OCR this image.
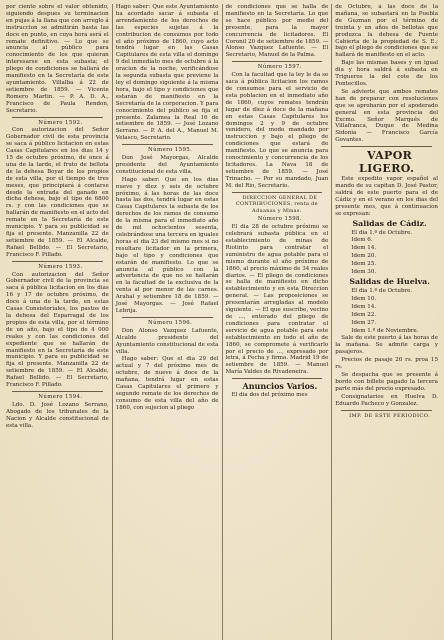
por ciento sobre el valor obtenido, siguiendo despues su terminacion en pujas á la llana que con arreglo á instruccion se admitirán hasta las doce en punto, en cuya hora será el remate definitivo. — Lo que se anuncia al público para conocimiento de los que quieran interesarse en esta subasta; el pliego de condiciones se hallará de manifiesto en la Secretaría de este ayuntamiento. Villalba á 22 de setiembre de 1859. — Vicente Romero Martin. — P. A. D. A., Francisco de Paula Rendon, Secretario.

Número 1592.

Con autorizacion del Señor Gobernador civil de esta provincia se saca á público licitacion en estas Casas Capitulares en los dias 14 y 15 de octubre próximo, de once á una de la tarde, el fruto de bellota de la dehesa Boyar de los propios de esta villa, por el tiempo de tres meses, que principiará á contarse desde la entrada del ganado en dicha dehesa, bajo el tipo de 6800 rs. y con las condiciones que se hallarán de manifiesto en el acto del remate en la Secretaría de este municipio. Y para su publicidad se fija el presente. Manzanilla 22 de setiembre de 1859. — El Alcalde, Rafael Bellido. — El Secretario, Francisco F. Pillado.

Número 1593.

Con autorizacion del Señor Gobernador civil de la provincia se saca á pública licitacion en los dias 16 y 17 de octubre próximo, de doce á una de la tarde, en estas Casas Consistoriales, los pastos de la dehesa del Esparragal de los propios de esta villa, por el término de un año, bajo el tipo de 4 000 reales y con las condiciones del expediente que se hallarán de manifiesto en la Secretaría de este municipio. Y para su publicidad se fija el presente. Manzanilla 22 de setiembre de 1859. — El Alcalde, Rafael Bellido. — El Secretario, Francisco F. Pillado.

Número 1594.

Ldo. D. José Lozano Serrano, Abogado de los tribunales de la Nacion y Alcalde constitucional de esta villa.

Hago saber: Que este Ayuntamiento ha acordado sacar á subasta el arrendamiento de los derechos de las especies sujetas á la contribucion de consumos por todo el año próximo de 1860, cuyo acto tendrá lugar en las Casas Capitulares de esta villa el domingo 9 del inmediato mes de octubre á la oracion de la noche, verificándose la segunda subasta que previene la ley el domingo siguiente á la misma hora, bajo el tipo y condiciones que estarán de manifiesto en la Secretaría de la corporacion. Y para conocimiento del público se fija el presente. Zalamea la Real 16 de setiembre de 1859. — José Lozano Serrano. — P. A. del A., Manuel M. Velasco, Secretario.

Número 1595.

Don José Mayorgas, Alcalde presidente del Ayuntamiento constitucional de esta villa.

Hago saber: Que en los dias nueve y diez y seis de octubre próximo, á las horas de las doce hasta las dos, tendrá lugar en estas Casas Capitulares la subasta de los derechos de los ramos de consumo de la misma para el inmediato año de mil ochocientos sesenta, celebrándose una tercera en iguales horas el dia 23 del mismo mes si no resultare licitador en la primera, bajo el tipo y condiciones que estarán de manifiesto. Lo que se anuncia al público con la advertencia de que no se hallarán en la facultad de la exclusiva de la venta al por menor de las carnes. Arahal y setiembre 18 de 1859. — José Mayorgas. — José Rafael Lebrija.

Número 1596.

Don Alonso Vazquez Lafuente, Alcalde presidente del Ayuntamiento constitucional de esta villa.

Hago saber: Que el dia 29 del actual y 7 del próximo mes de octubre, de nueve á doce de la mañana, tendrá lugar en estas Casas Capitulares el primero y segundo remate de los derechos de consumo de esta villa del año de 1860, con sujecion al pliego

de condiciones que se halla de manifiesto en la Secretaría. Lo que se hace público por medio del presente, para la mayor concurrencia de licitadores. El Coronil 20 de setiembre de 1859. — Alonso Vazquez Lafuente. — El Secretario, Manuel de la Palma.

Número 1597.

Con la facultad que la ley le da se saca á pública licitacion los ramos de consumos para el servicio de esta poblacion en el inmediato año de 1860, cuyos remates tendrán lugar de diez á doce de la mañana en estas Casas Capitulares los domingos 2 y 9 de octubre venidero, del modo mandado por instruccion y bajo el pliego de condiciones que estará de manifiesto. Lo que se anuncia para conocimiento y concurrencia de los licitadores. La Nava 18 de setiembre de 1859. — José Trinacho. — Por su mandado, Juan M. del Rio, Secretario.

DIRECCION GENERAL DE CONTRIBUCIONES, renta de Aduanas y Minas.

Número 1598.

El dia 28 de octubre próximo se celebrará subasta pública en el establecimiento de minas de Riotinto para contratar el suministro de agua potable para el mismo durante el año próximo de 1860, al precio máximo de 34 reales diarios. — El pliego de condiciones se halla de manifiesto en dicho establecimiento y en esta Direccion general. — Las proposiciones se presentarán arregladas al modelo siguiente. — El que suscribe, vecino de ..., enterado del pliego de condiciones para contratar el servicio de agua potable para este establecimiento en todo el año de 1860, se compromete á verificarlo por el precio de ..., expresado por letra, á Fecha y firma. Madrid 19 de setiembre de 1859. — Manuel María Valdes de Rivadeneira.

Anuncios Varios.

El dia dos del próximo mes

de Octubre, á las doce de la mañana, se subastará en la Puebla de Guzman por el término de treinta y un años de bellotas que produzca la dehesa de Fuente Cabierta de la propiedad de S. E.; bajo el pliego de condiciones que se hallará de manifiesto en el acto.

Bajo las mismas bases y en igual dia y hora saldrá á subasta en Trigueros la del cote de los Pontecillos.

Se advierte que ambos remates han de preparar con resoluciones que se aprobarán por el apoderado general en esta provincia del Excmo. Señor Marqués de Villafranca, Duque de Medina Sidonia — Francisco García Govantes.

VAPOR LIGERO.

Este expedito vapor español al mando de su capitan D. José Pastor, saldrá de este puerto para el de Cádiz y en el verano en los dias del presente mes, que á continuacion se expresan:

Salidas de Cádiz.

El dia 1.º de Octubre.

Idem 6.

Idem 14.

Idem 20.

Idem 25.

Idem 30.

Salidas de Huelva.

El dia 1.º de Octubre.

Idem 10.

Idem 14.

Idem 22.

Idem 27.

Idem 1.º de Noviembre.

Sale de este puerto á las horas de la mañana. Se admite carga y pasajeros.

Precios de pasaje 20 rs. proa 15 rs.

Se despacha que se presente á bordo con billete pagado la tercera parte más del precio expresado.

Consignatarios en Huelva D. Eduardo Pacheco y Gonzalez.

IMP. DE ESTE PERIODICO.
